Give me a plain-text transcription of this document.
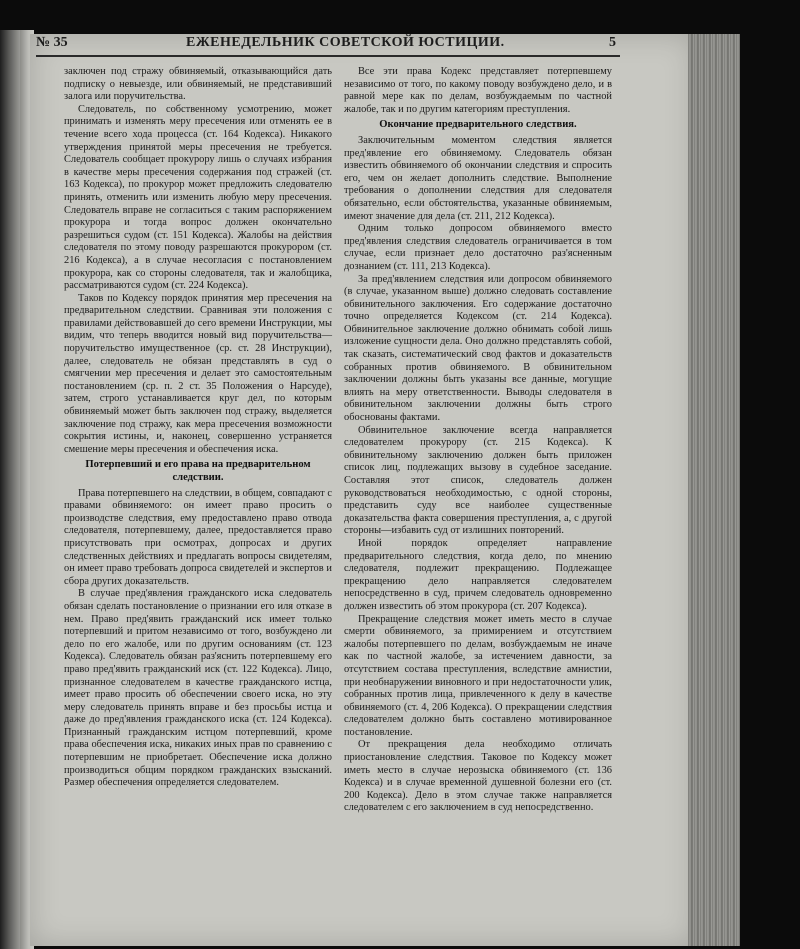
№ 35	ЕЖЕНЕДЕЛЬНИК СОВЕТСКОЙ ЮСТИЦИИ.	5

заключен под стражу обвиняемый, отказывающийся дать подписку о невыезде, или обвиняемый, не представивший залога или поручительства.

Следователь, по собственному усмотрению, может принимать и изменять меру пресечения или отменять ее в течение всего хода процесса (ст. 164 Кодекса). Никакого утверждения принятой меры пресечения не требуется. Следователь сообщает прокурору лишь о случаях избрания в качестве меры пресечения содержания под стражей (ст. 163 Кодекса), по прокурор может предложить следователю принять, отменить или изменить любую меру пресечения. Следователь вправе не согласиться с таким распоряжением прокурора и тогда вопрос должен окончательно разрешиться судом (ст. 151 Кодекса). Жалобы на действия следователя по этому поводу разрешаются прокурором (ст. 216 Кодекса), а в случае несогласия с постановлением прокурора, как со стороны следователя, так и жалобщика, рассматриваются судом (ст. 224 Кодекса).

Таков по Кодексу порядок принятия мер пресечения на предварительном следствии. Сравнивая эти положения с правилами действовавшей до сего времени Инструкции, мы видим, что теперь вводится новый вид поручительства—поручительство имущественное (ср. ст. 28 Инструкции), далее, следователь не обязан представлять в суд о смягчении мер пресечения и делает это самостоятельным постановлением (ср. п. 2 ст. 35 Положения о Нарсуде), затем, строго устанавливается круг дел, по которым обвиняемый может быть заключен под стражу, выделяется заключение под стражу, как мера пресечения возможности сокрытия истины, и, наконец, совершенно устраняется смешение меры пресечения и обеспечения иска.

Потерпевший и его права на предварительном следствии.

Права потерпевшего на следствии, в общем, совпадают с правами обвиняемого: он имеет право просить о производстве следствия, ему предоставлено право отвода следователя, потерпевшему, далее, предоставляется право присутствовать при осмотрах, допросах и других следственных действиях и предлагать вопросы свидетелям, он имеет право требовать допроса свидетелей и экспертов и сбора других доказательств.

В случае пред'явления гражданского иска следователь обязан сделать постановление о признании его иля отказе в нем. Право пред'явить гражданский иск имеет только потерпевший и притом независимо от того, возбуждено ли дело по его жалобе, или по другим основаниям (ст. 123 Кодекса). Следователь обязан раз'яснить потерпевшему его право пред'явить гражданский иск (ст. 122 Кодекса). Лицо, признанное следователем в качестве гражданского истца, имеет право просить об обеспечении своего иска, но эту меру следователь принять вправе и без просьбы истца и даже до пред'явления гражданского иска (ст. 124 Кодекса). Признанный гражданским истцом потерпевший, кроме права обеспечения иска, никаких иных прав по сравнению с потерпевшим не приобретает. Обеспечение иска должно производиться общим порядком гражданских взысканий. Размер обеспечения определяется следователем.

Все эти права Кодекс представляет потерпевшему независимо от того, по какому поводу возбуждено дело, и в равной мере как по делам, возбуждаемым по частной жалобе, так и по другим категориям преступления.

Окончание предварительного следствия.

Заключительным моментом следствия является пред'явление его обвиняемому. Следователь обязан известить обвиняемого об окончании следствия и спросить его, чем он желает дополнить следствие. Выполнение требования о дополнении следствия для следователя обязательно, если обстоятельства, указанные обвиняемым, имеют значение для дела (ст. 211, 212 Кодекса).

Одним только допросом обвиняемого вместо пред'явления следствия следователь ограничивается в том случае, если признает дело достаточно раз'ясненным дознанием (ст. 111, 213 Кодекса).

За пред'явлением следствия или допросом обвиняемого (в случае, указанном выше) должно следовать составление обвинительного заключения. Его содержание достаточно точно определяется Кодексом (ст. 214 Кодекса). Обвинительное заключение должно обнимать собой лишь изложение сущности дела. Оно должно представлять собой, так сказать, систематический свод фактов и доказательств собранных против обвиняемого. В обвинительном заключении должны быть указаны все данные, могущие влиять на меру ответственности. Выводы следователя в обвинительном заключении должны быть строго обоснованы фактами.

Обвинительное заключение всегда направляется следователем прокурору (ст. 215 Кодекса). К обвинительному заключению должен быть приложен список лиц, подлежащих вызову в судебное заседание. Составляя этот список, следователь должен руководствоваться необходимостью, с одной стороны, представить суду все наиболее существенные доказательства факта совершения преступления, а, с другой стороны—избавить суд от излишних повторений.

Иной порядок определяет направление предварительного следствия, когда дело, по мнению следователя, подлежит прекращению. Подлежащее прекращению дело направляется следователем непосредственно в суд, причем следователь одновременно должен известить об этом прокурора (ст. 207 Кодекса).

Прекращение следствия может иметь место в случае смерти обвиняемого, за примирением и отсутствием жалобы потерпевшего по делам, возбуждаемым не иначе как по частной жалобе, за истечением давности, за отсутствием состава преступления, вследствие амнистии, при необнаружении виновного и при недостаточности улик, собранных против лица, привлеченного к делу в качестве обвиняемого (ст. 4, 206 Кодекса). О прекращении следствия следователем должно быть составлено мотивированное постановление.

От прекращения дела необходимо отличать приостановление следствия. Таковое по Кодексу может иметь место в случае нерозыска обвиняемого (ст. 136 Кодекса) и в случае временной душевной болезни его (ст. 200 Кодекса). Дело в этом случае также направляется следователем с его заключением в суд непосредственно.
